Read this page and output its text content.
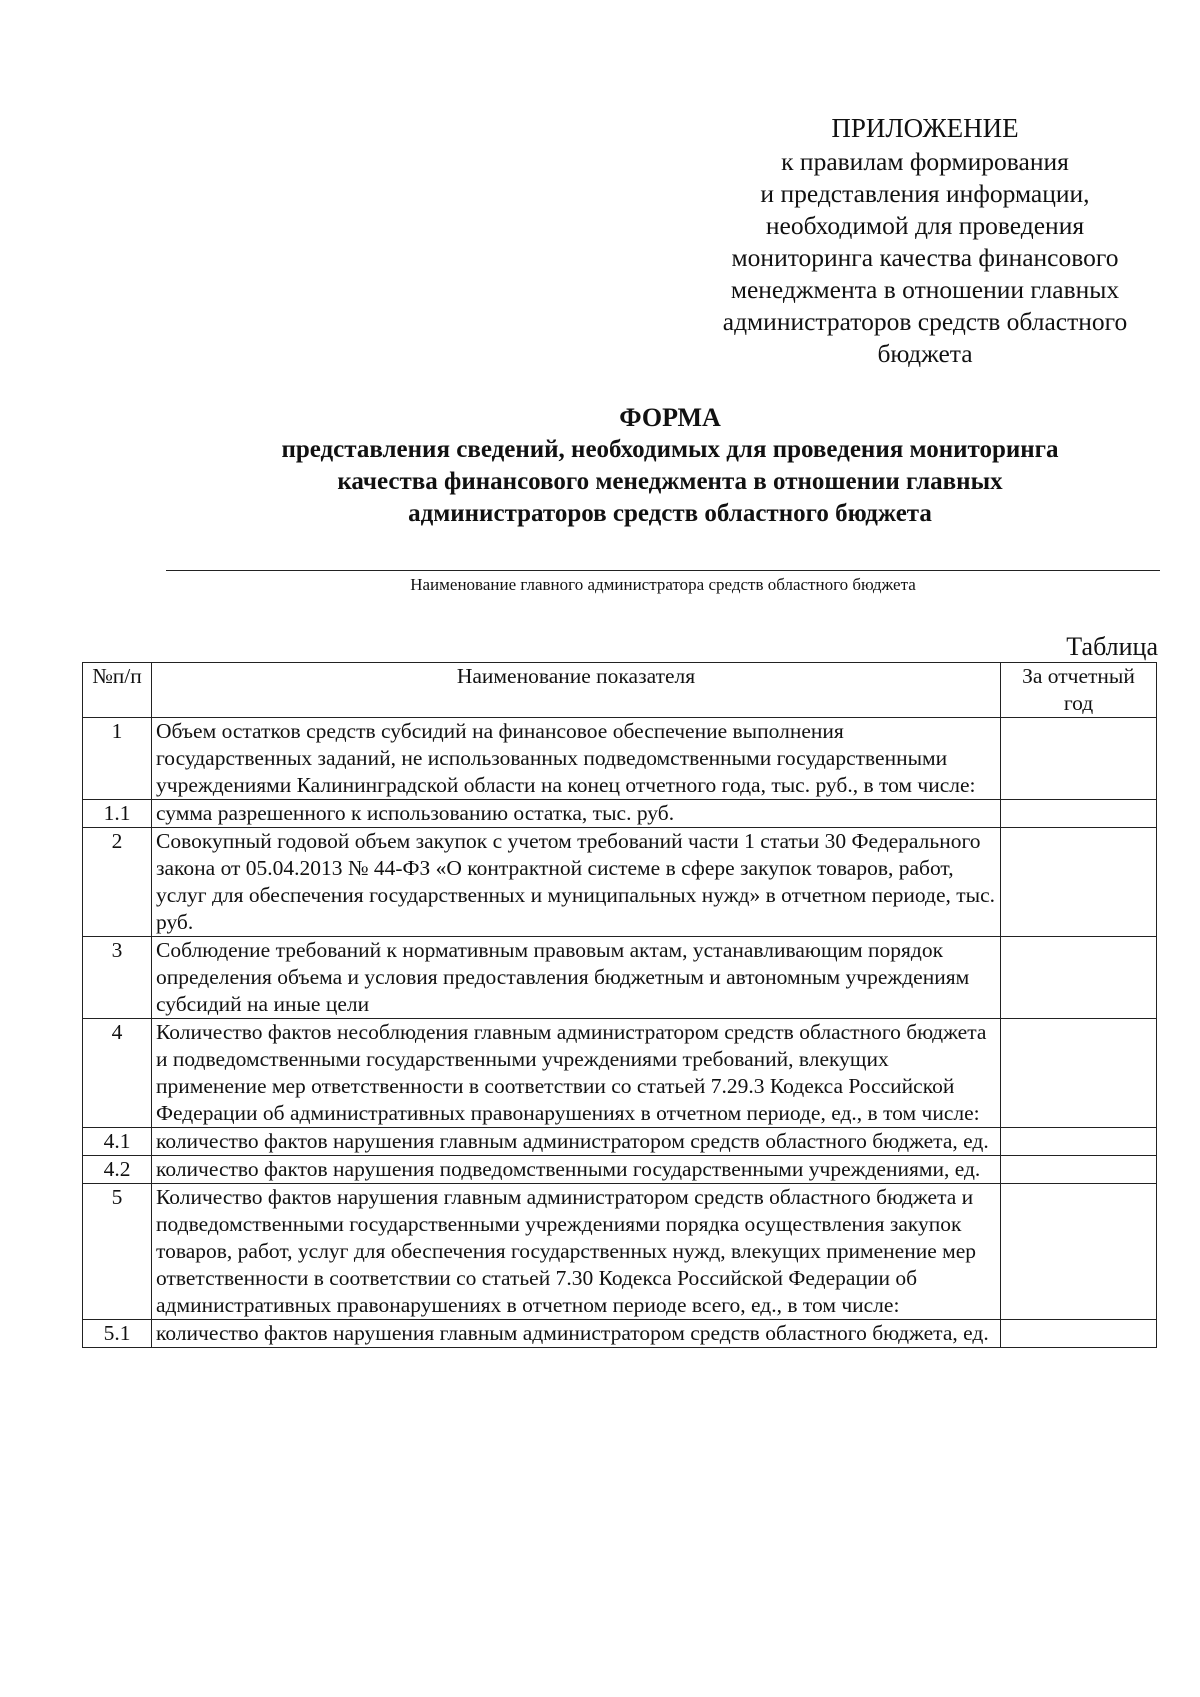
ПРИЛОЖЕНИЕ
к правилам формирования
и представления информации,
необходимой для проведения
мониторинга качества финансового
менеджмента в отношении главных
администраторов средств областного
бюджета
ФОРМА
представления сведений, необходимых для проведения мониторинга
качества финансового менеджмента в отношении главных
администраторов средств областного бюджета
Наименование главного администратора средств областного бюджета
Таблица
№п/п	Наименование показателя	За отчетный год
1	Объем остатков средств субсидий на финансовое обеспечение выполнения государственных заданий, не использованных подведомственными государственными учреждениями Калининградской области на конец отчетного года, тыс. руб., в том числе:	
1.1	сумма разрешенного к использованию остатка, тыс. руб.	
2	Совокупный годовой объем закупок с учетом требований части 1 статьи 30 Федерального закона от 05.04.2013 № 44-ФЗ «О контрактной системе в сфере закупок товаров, работ, услуг для обеспечения государственных и муниципальных нужд» в отчетном периоде, тыс. руб.	
3	Соблюдение требований к нормативным правовым актам, устанавливающим порядок определения объема и условия предоставления бюджетным и автономным учреждениям субсидий на иные цели	
4	Количество фактов несоблюдения главным администратором средств областного бюджета и подведомственными государственными учреждениями требований, влекущих применение мер ответственности в соответствии со статьей 7.29.3 Кодекса Российской Федерации об административных правонарушениях в отчетном периоде, ед., в том числе:	
4.1	количество фактов нарушения главным администратором средств областного бюджета, ед.	
4.2	количество фактов нарушения подведомственными государственными учреждениями, ед.	
5	Количество фактов нарушения главным администратором средств областного бюджета и подведомственными государственными учреждениями порядка осуществления закупок товаров, работ, услуг для обеспечения государственных нужд, влекущих применение мер ответственности в соответствии со статьей 7.30 Кодекса Российской Федерации об административных правонарушениях в отчетном периоде всего, ед., в том числе:	
5.1	количество фактов нарушения главным администратором средств областного бюджета, ед.	
